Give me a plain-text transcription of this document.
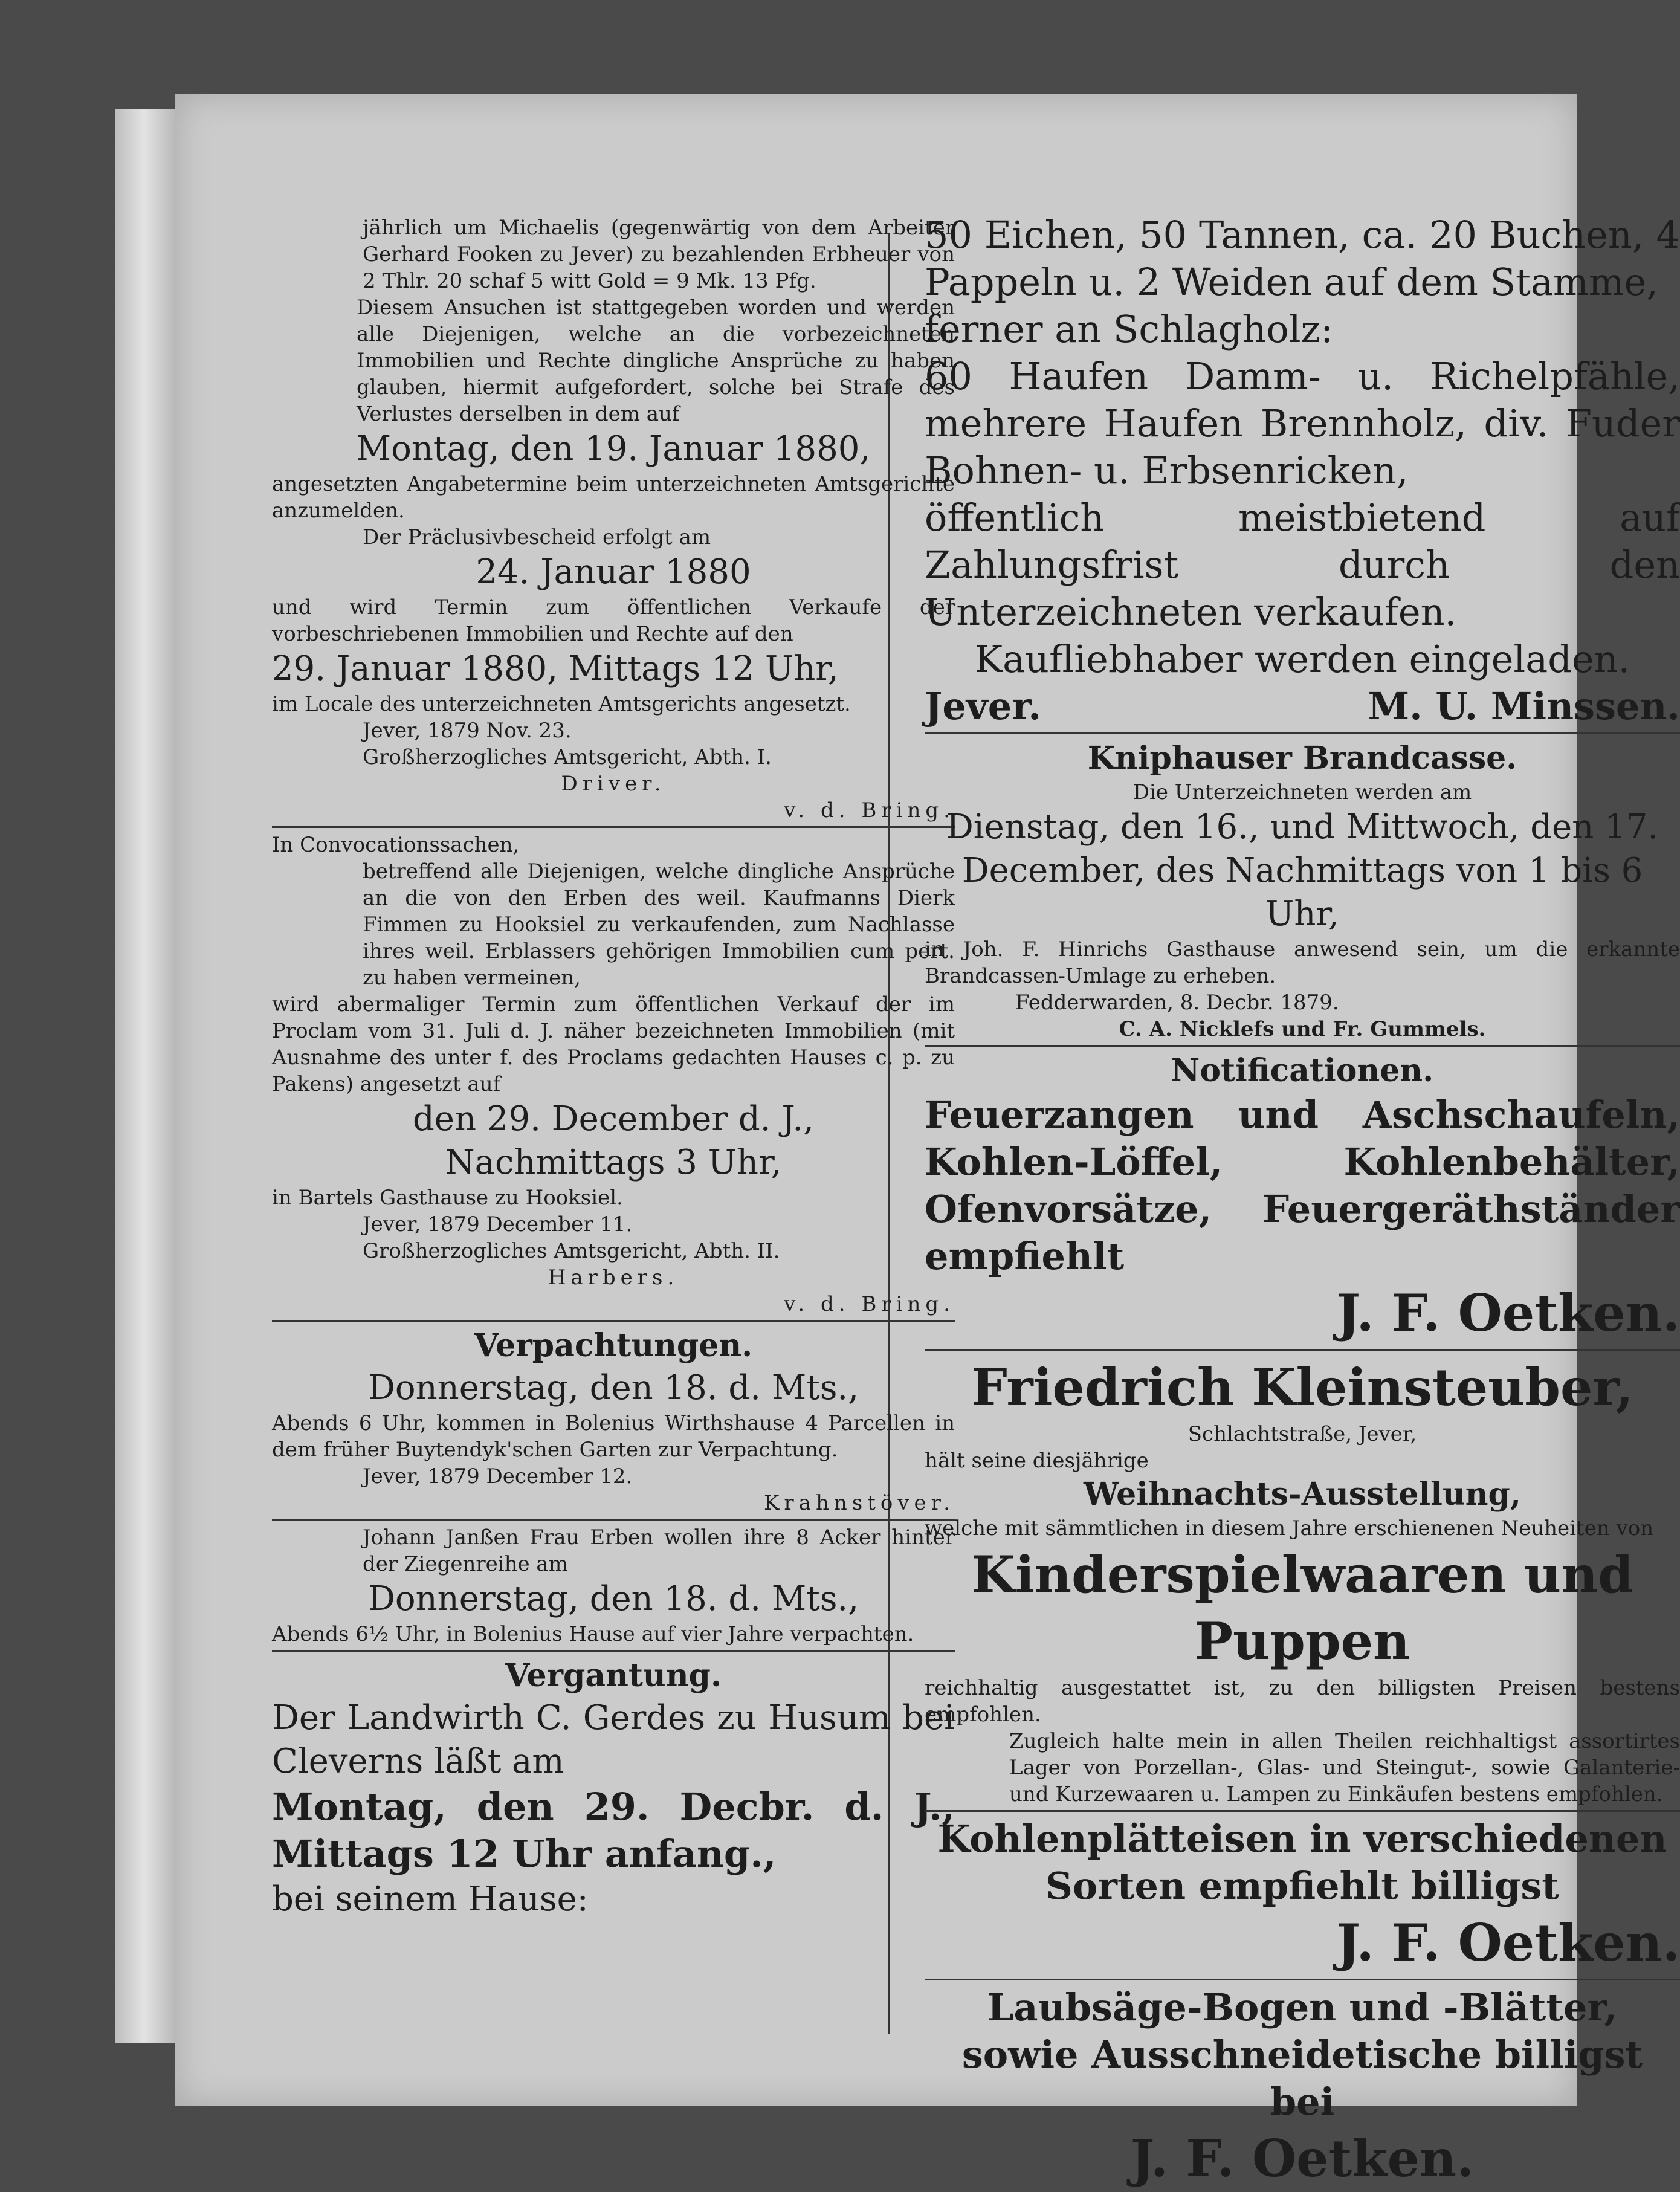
jährlich um Michaelis (gegenwärtig von dem Arbeiter Gerhard Fooken zu Jever) zu bezahlenden Erbheuer von 2 Thlr. 20 schaf 5 witt Gold = 9 Mk. 13 Pfg.

Diesem Ansuchen ist stattgegeben worden und werden alle Diejenigen, welche an die vorbezeichneten Immobilien und Rechte dingliche Ansprüche zu haben glauben, hiermit aufgefordert, solche bei Strafe des Verlustes derselben in dem auf

Montag, den 19. Januar 1880,

angesetzten Angabetermine beim unterzeichneten Amtsgerichte anzumelden.

Der Präclusivbescheid erfolgt am

24. Januar 1880

und wird Termin zum öffentlichen Verkaufe der vorbeschriebenen Immobilien und Rechte auf den

29. Januar 1880, Mittags 12 Uhr,

im Locale des unterzeichneten Amtsgerichts angesetzt.

Jever, 1879 Nov. 23.

Großherzogliches Amtsgericht, Abth. I.

Driver.

v. d. Bring.

In Convocationssachen,

betreffend alle Diejenigen, welche dingliche Ansprüche an die von den Erben des weil. Kaufmanns Dierk Fimmen zu Hooksiel zu verkaufenden, zum Nachlasse ihres weil. Erblassers gehörigen Immobilien cum pert. zu haben vermeinen,

wird abermaliger Termin zum öffentlichen Verkauf der im Proclam vom 31. Juli d. J. näher bezeichneten Immobilien (mit Ausnahme des unter f. des Proclams gedachten Hauses c. p. zu Pakens) angesetzt auf

den 29. December d. J.,

Nachmittags 3 Uhr,

in Bartels Gasthause zu Hooksiel.

Jever, 1879 December 11.

Großherzogliches Amtsgericht, Abth. II.

Harbers.

v. d. Bring.

Verpachtungen.

Donnerstag, den 18. d. Mts.,

Abends 6 Uhr, kommen in Bolenius Wirthshause 4 Parcellen in dem früher Buytendyk'schen Garten zur Verpachtung.

Jever, 1879 December 12.

Krahnstöver.

Johann Janßen Frau Erben wollen ihre 8 Acker hinter der Ziegenreihe am

Donnerstag, den 18. d. Mts.,

Abends 6½ Uhr, in Bolenius Hause auf vier Jahre verpachten.

Vergantung.

Der Landwirth C. Gerdes zu Husum bei Cleverns läßt am

Montag, den 29. Decbr. d. J., Mittags 12 Uhr anfang.,

bei seinem Hause:

50 Eichen, 50 Tannen, ca. 20 Buchen, 4 Pappeln u. 2 Weiden auf dem Stamme,

ferner an Schlagholz:

60 Haufen Damm- u. Richelpfähle, mehrere Haufen Brennholz, div. Fuder Bohnen- u. Erbsenricken,

öffentlich meistbietend auf Zahlungsfrist durch den Unterzeichneten verkaufen.

Kaufliebhaber werden eingeladen.

Jever.	M. U. Minssen.

Kniphauser Brandcasse.

Die Unterzeichneten werden am

Dienstag, den 16., und Mittwoch, den 17. December, des Nachmittags von 1 bis 6 Uhr,

in Joh. F. Hinrichs Gasthause anwesend sein, um die erkannte Brandcassen-Umlage zu erheben.

Fedderwarden, 8. Decbr. 1879.

C. A. Nicklefs und Fr. Gummels.

Notificationen.

Feuerzangen und Aschschaufeln, Kohlen-Löffel, Kohlenbehälter, Ofenvorsätze, Feuergeräthständer empfiehlt

J. F. Oetken.

Friedrich Kleinsteuber,

Schlachtstraße, Jever,

hält seine diesjährige

Weihnachts-Ausstellung,

welche mit sämmtlichen in diesem Jahre erschienenen Neuheiten von

Kinderspielwaaren und Puppen

reichhaltig ausgestattet ist, zu den billigsten Preisen bestens empfohlen.

Zugleich halte mein in allen Theilen reichhaltigst assortirtes Lager von Porzellan-, Glas- und Steingut-, sowie Galanterie- und Kurzewaaren u. Lampen zu Einkäufen bestens empfohlen.

Kohlenplätteisen in verschiedenen Sorten empfiehlt billigst

J. F. Oetken.

Laubsäge-Bogen und -Blätter, sowie Ausschneidetische billigst bei

J. F. Oetken.
